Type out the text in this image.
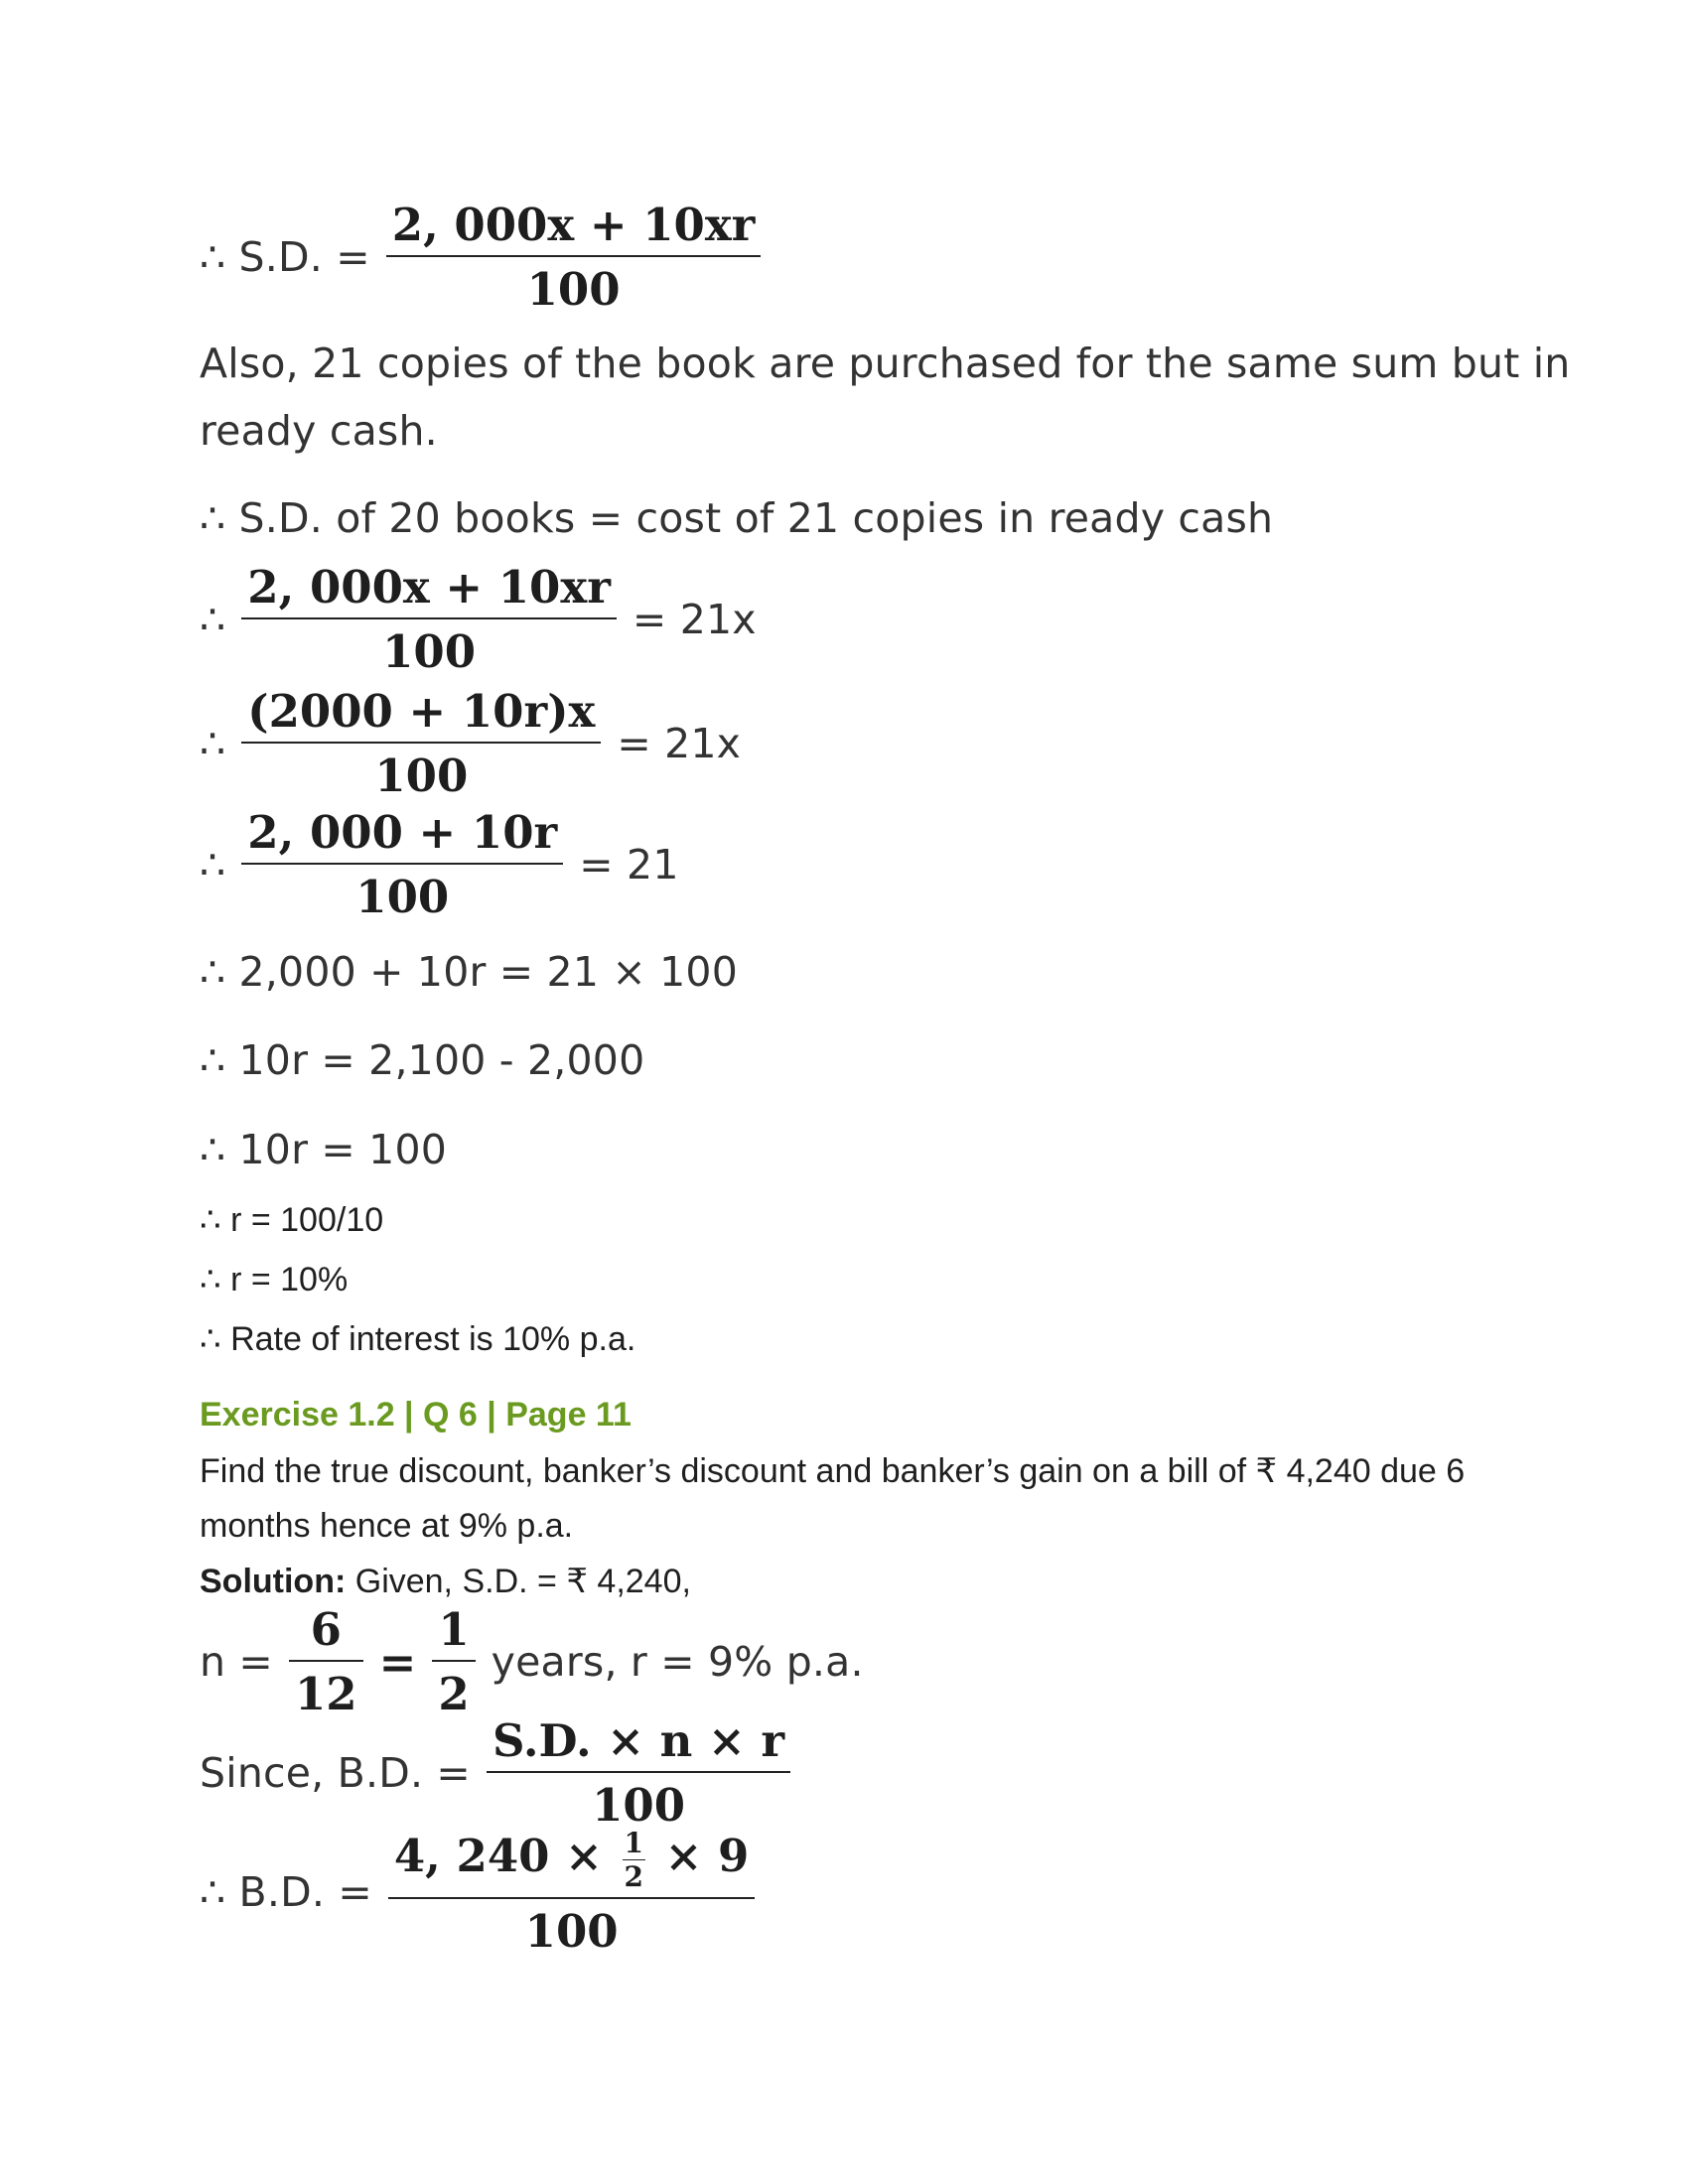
∴ S.D. = $\frac{2, 000x + 10xr}{100}$
Also, 21 copies of the book are purchased for the same sum but in
ready cash.
∴ S.D. of 20 books = cost of 21 copies in ready cash
∴ $\frac{2, 000x + 10xr}{100} = 21x$
∴ $\frac{(2000 + 10r)x}{100} = 21x$
∴ $\frac{2, 000 + 10r}{100} = 21$
∴ 2,000 + 10r = 21 × 100
∴ 10r = 2,100 - 2,000
∴ 10r = 100
∴ r = 100/10
∴ r = 10%
∴ Rate of interest is 10% p.a.
Exercise 1.2 | Q 6 | Page 11
Find the true discount, banker’s discount and banker’s gain on a bill of ₹ 4,240 due 6
months hence at 9% p.a.
Solution: Given, S.D. = ₹ 4,240,
$n = \frac{6}{12} = \frac{1}{2}$ years, r = 9% p.a.
Since, B.D. = $\frac{S.D. \times n \times r}{100}$
∴ B.D. =
4, $240 \times \frac{1}{2} \times 9$
100
